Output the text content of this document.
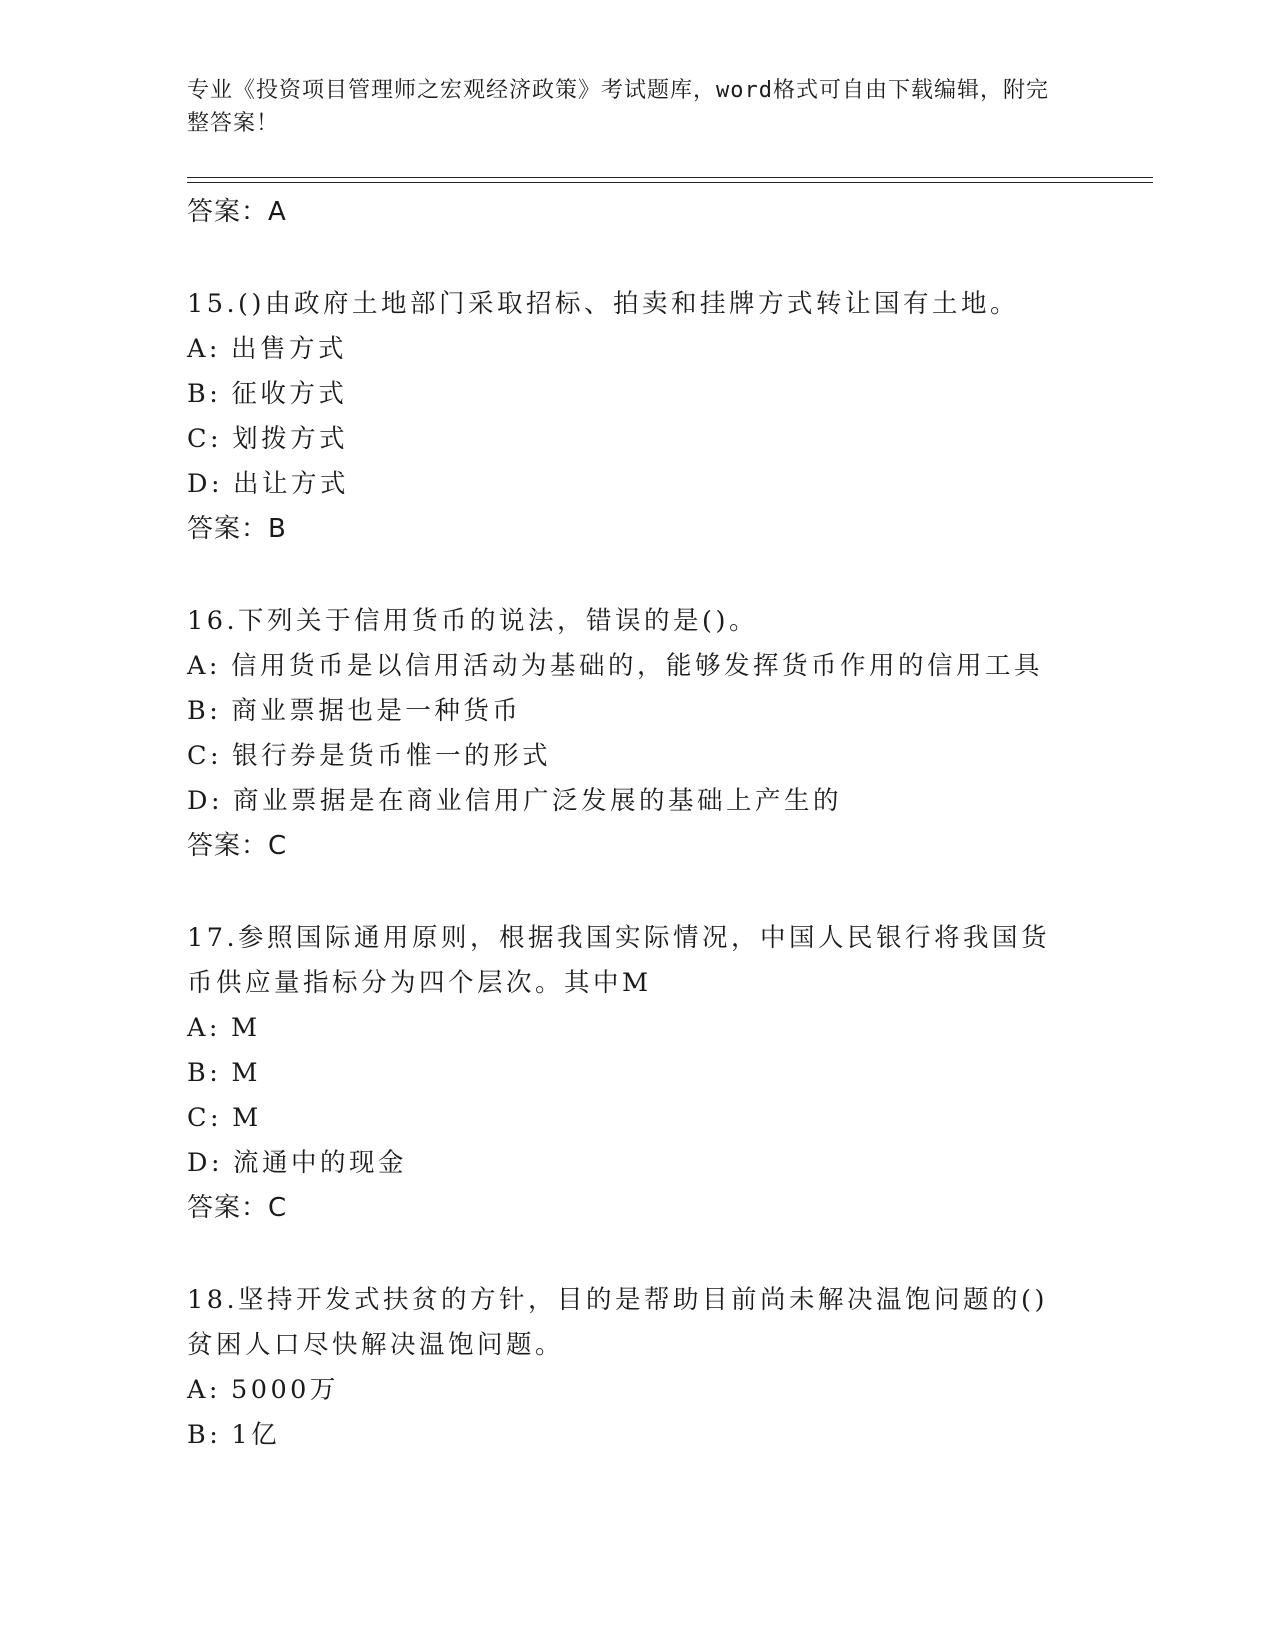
专业《投资项目管理师之宏观经济政策》考试题库，word格式可自由下载编辑，附完整答案！
答案：A
15.()由政府土地部门采取招标、拍卖和挂牌方式转让国有土地。
A: 出售方式
B: 征收方式
C: 划拨方式
D: 出让方式
答案：B
16.下列关于信用货币的说法，错误的是()。
A: 信用货币是以信用活动为基础的，能够发挥货币作用的信用工具
B: 商业票据也是一种货币
C: 银行券是货币惟一的形式
D: 商业票据是在商业信用广泛发展的基础上产生的
答案：C
17.参照国际通用原则，根据我国实际情况，中国人民银行将我国货币供应量指标分为四个层次。其中M
A: M
B: M
C: M
D: 流通中的现金
答案：C
18.坚持开发式扶贫的方针，目的是帮助目前尚未解决温饱问题的()贫困人口尽快解决温饱问题。
A: 5000万
B: 1亿
